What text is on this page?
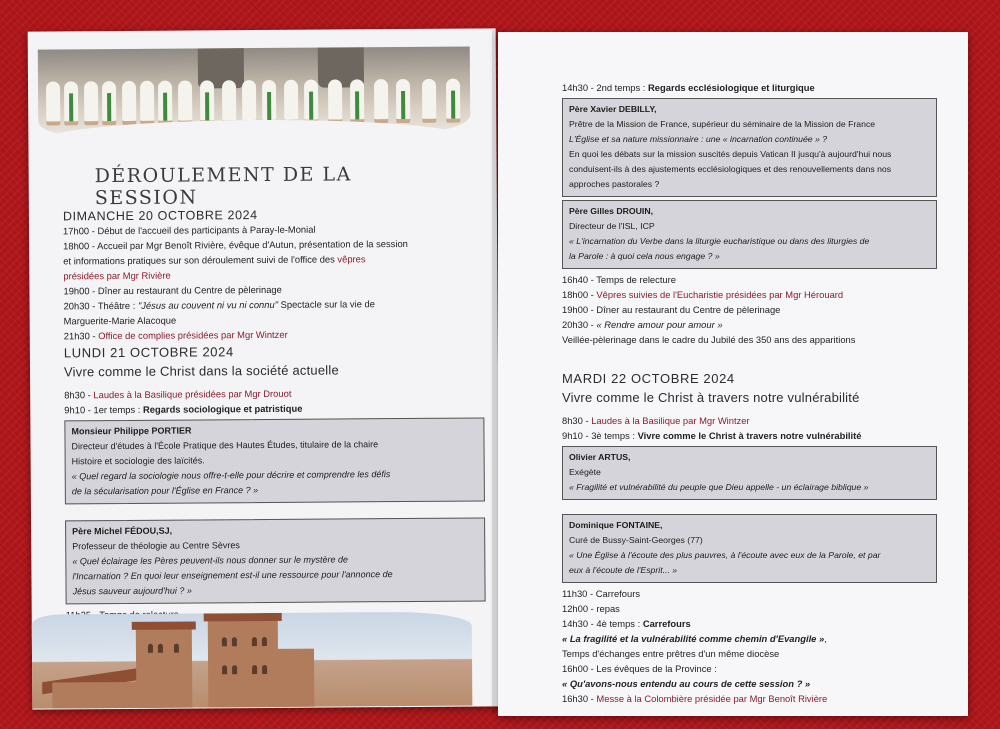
DÉROULEMENT DE LA SESSION
DIMANCHE 20 OCTOBRE 2024
17h00 - Début de l'accueil des participants à Paray-le-Monial
18h00 - Accueil par Mgr Benoît Rivière, évêque d'Autun, présentation de la session
et informations pratiques sur son déroulement suivi de l'office des vêpres
présidées par Mgr Rivière
19h00 - Dîner au restaurant du Centre de pèlerinage
20h30 - Théâtre : "Jésus au couvent ni vu ni connu" Spectacle sur la vie de
Marguerite-Marie Alacoque
21h30 - Office de complies présidées par Mgr Wintzer
LUNDI 21 OCTOBRE 2024
Vivre comme le Christ dans la société actuelle
8h30 - Laudes à la Basilique présidées par Mgr Drouot
9h10 - 1er temps : Regards sociologique et patristique
Monsieur Philippe PORTIER
Directeur d'études à l'École Pratique des Hautes Études, titulaire de la chaire
Histoire et sociologie des laïcités.
« Quel regard la sociologie nous offre-t-elle pour décrire et comprendre les défis
de la sécularisation pour l'Église en France ? »
Père Michel FÉDOU,SJ,
Professeur de théologie au Centre Sèvres
« Quel éclairage les Pères peuvent-ils nous donner sur le mystère de
l'Incarnation ? En quoi leur enseignement est-il une ressource pour l'annonce de
Jésus sauveur aujourd'hui ? »
14h30 - 2nd temps : Regards ecclésiologique et liturgique
Père Xavier DEBILLY,
Prêtre de la Mission de France, supérieur du séminaire de la Mission de France
L'Église et sa nature missionnaire : une « incarnation continuée » ?
En quoi les débats sur la mission suscités depuis Vatican II jusqu'à aujourd'hui nous
conduisent-ils à des ajustements ecclésiologiques et des renouvellements dans nos
approches pastorales ?
Père Gilles DROUIN,
Directeur de l'ISL, ICP
« L'incarnation du Verbe dans la liturgie eucharistique ou dans des liturgies de
la Parole : à quoi cela nous engage ? »
16h40 - Temps de relecture
18h00 - Vêpres suivies de l'Eucharistie présidées par Mgr Hérouard
19h00 - Dîner au restaurant du Centre de pèlerinage
20h30 - « Rendre amour pour amour »
Veillée-pèlerinage dans le cadre du Jubilé des 350 ans des apparitions
MARDI 22 OCTOBRE 2024
Vivre comme le Christ à travers notre vulnérabilité
8h30 - Laudes à la Basilique par Mgr Wintzer
9h10 - 3è temps : Vivre comme le Christ à travers notre vulnérabilité
Olivier ARTUS,
Exégète
« Fragilité et vulnérabilité du peuple que Dieu appelle - un éclairage biblique »
Dominique FONTAINE,
Curé de Bussy-Saint-Georges (77)
« Une Église à l'écoute des plus pauvres, à l'écoute avec eux de la Parole, et par
eux à l'écoute de l'Esprit... »
11h30 - Carrefours
12h00 - repas
14h30 - 4è temps : Carrefours
« La fragilité et la vulnérabilité comme chemin d'Evangile »,
Temps d'échanges entre prêtres d'un même diocèse
16h00 - Les évêques de la Province :
« Qu'avons-nous entendu au cours de cette session ? »
16h30 - Messe à la Colombière présidée par Mgr Benoît Rivière
